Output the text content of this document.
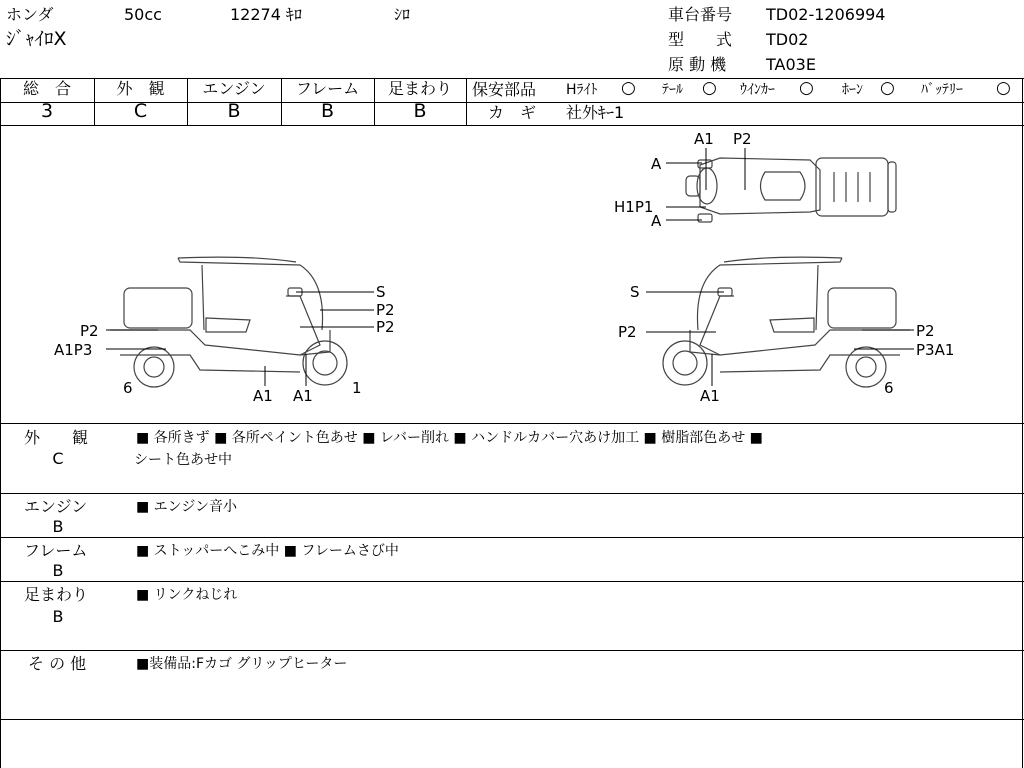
ホンダ	50cc	12274 ｷﾛ	ｼﾛ
ｼﾞｬｲﾛX
車台番号 TD02-1206994
型　　式 TD02
原 動 機 TA03E
総　合
3
外　観
C
エンジン
B
フレーム
B
足まわり
B
保安部品 Hﾗｲﾄ ○ ﾃｰﾙ ○ ｳｲﾝｶｰ ○ ﾎｰﾝ ○ ﾊﾞｯﾃﾘｰ ○
カ　ギ 社外ｷｰ1
A1 P2
A
H1P1
A
S
P2
P2
P2
A1P3
6	1
A1 A1
S
P2	P2
P3A1
6
A1
外　　観
C
■ 各所きず ■ 各所ペイント色あせ ■ レバー削れ ■ ハンドルカバー穴あけ加工 ■ 樹脂部色あせ ■
シート色あせ中
エンジン
B
■ エンジン音小
フレーム
B
■ ストッパーへこみ中 ■ フレームさび中
足まわり
B
■ リンクねじれ
そ の 他	■装備品:Fカゴ グリップヒーター
